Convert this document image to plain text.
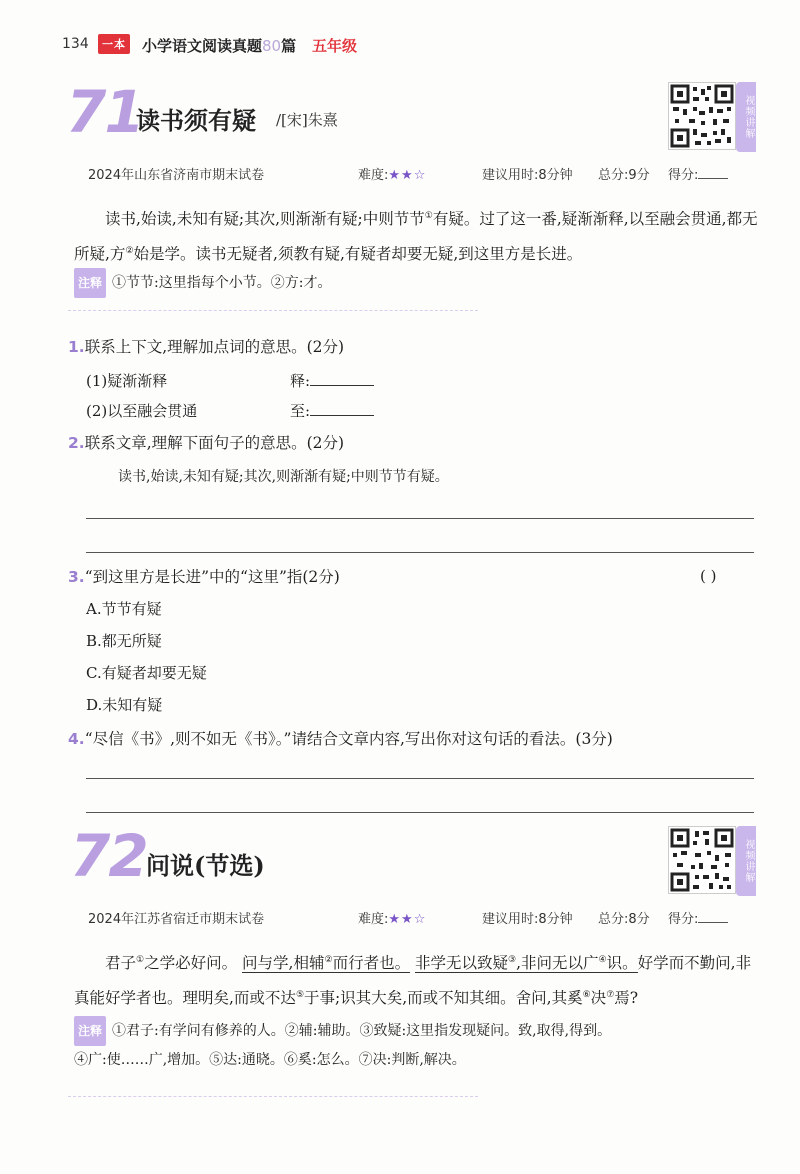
134	一本 小学语文阅读真题80篇 五年级
71
读书须有疑 /[宋]朱熹	视频讲解
2024年山东省济南市期末试卷	难度:★★☆	建议用时:8分钟 总分:9分 得分:
读书,始读,未知有疑;其次,则渐渐有疑;中则节节①有疑。过了这一番,疑渐渐释,以至融会贯通,都无所疑,方②始是学。读书无疑者,须教有疑,有疑者却要无疑,到这里方是长进。
注释 ①节节:这里指每个小节。②方:才。
1.联系上下文,理解加点词的意思。(2分)
(1)疑渐渐释	释:
(2)以至融会贯通	至:
2.联系文章,理解下面句子的意思。(2分)
读书,始读,未知有疑;其次,则渐渐有疑;中则节节有疑。
3.“到这里方是长进”中的“这里”指(2分)	( )
A.节节有疑
B.都无所疑
C.有疑者却要无疑
D.未知有疑
4.“尽信《书》,则不如无《书》。”请结合文章内容,写出你对这句话的看法。(3分)
72 问说(节选)	视频讲解
2024年江苏省宿迁市期末试卷	难度:★★☆	建议用时:8分钟 总分:8分 得分:
君子①之学必好问。 问与学,相辅②而行者也。 非学无以致疑③,非问无以广④识。好学而不勤问,非真能好学者也。理明矣,而或不达⑤于事;识其大矣,而或不知其细。舍问,其奚⑥决⑦焉?
注释 ①君子:有学问有修养的人。②辅:辅助。③致疑:这里指发现疑问。致,取得,得到。
④广:使……广,增加。⑤达:通晓。⑥奚:怎么。⑦决:判断,解决。
